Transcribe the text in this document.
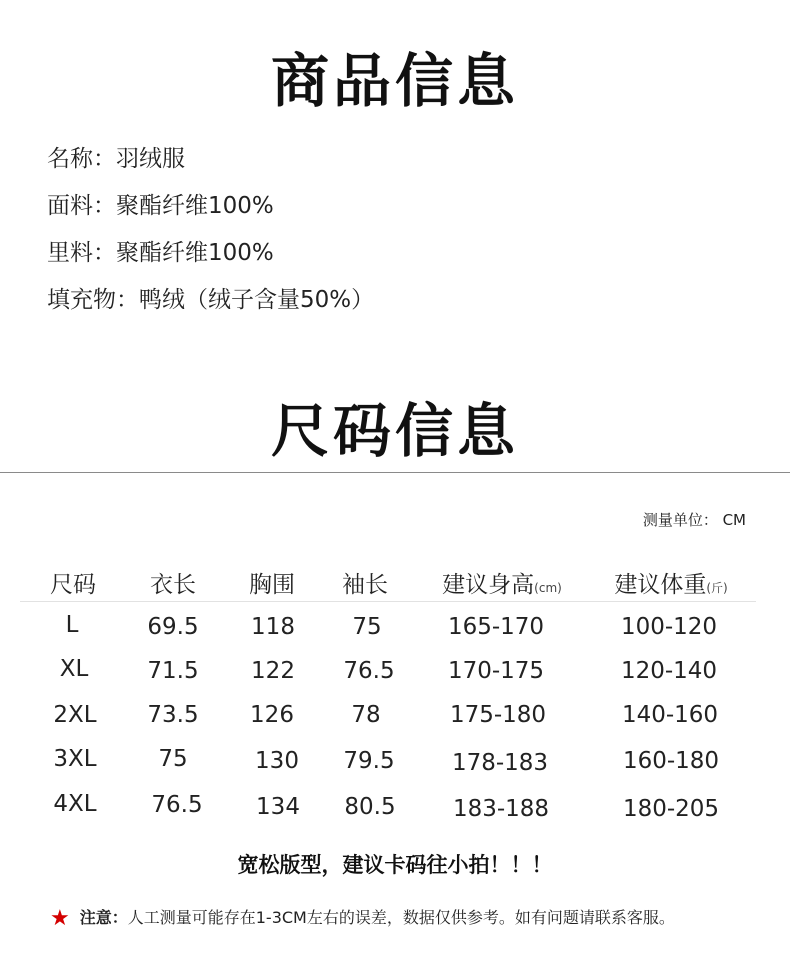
商品信息
名称：羽绒服
面料：聚酯纤维100%
里料：聚酯纤维100%
填充物：鸭绒（绒子含量50%）
尺码信息
测量单位： CM
尺码	衣长	胸围	袖长	建议身高(cm)	建议体重(斤)
L	69.5	118	75	165-170	100-120
XL	71.5	122	76.5	170-175	120-140
2XL	73.5	126	78	175-180	140-160
3XL	75	130	79.5	178-183	160-180
4XL	76.5	134	80.5	183-188	180-205
宽松版型，建议卡码往小拍！！！
★ 注意：人工测量可能存在1-3CM左右的误差，数据仅供参考。如有问题请联系客服。
